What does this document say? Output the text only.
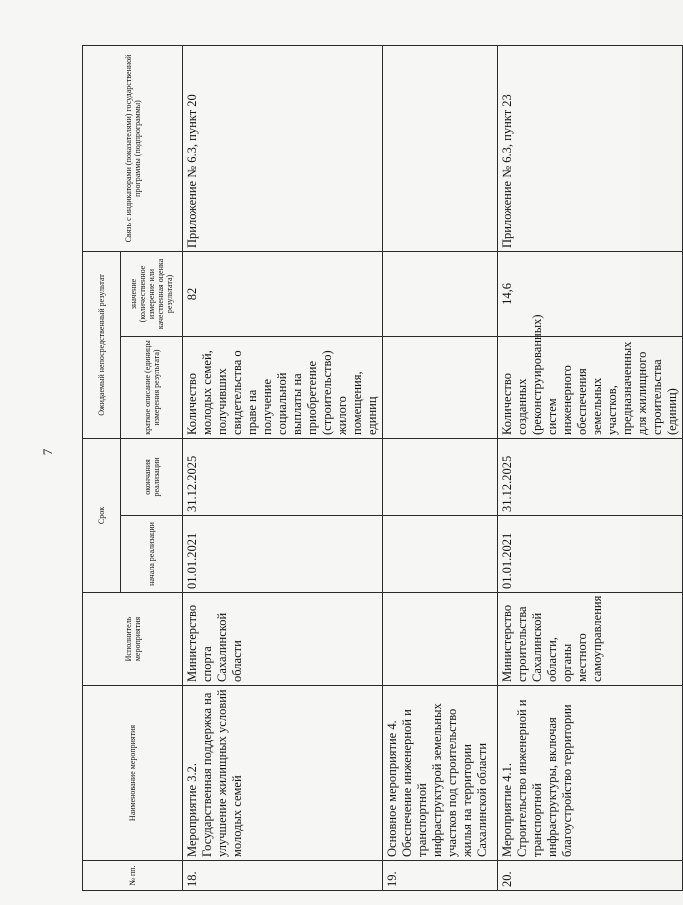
7
№ пп.	Наименование мероприятия	Исполнитель мероприятия	Срок		Ожидаемый непосредственный результат		Связь с индикаторами (показателями) государственной программы (подпрограммы)
			начала реализации	окончания реализации	краткое описание (единицы измерения результата)	значение (количественное измерение или качественная оценка результата)	
18.	Мероприятие 3.2. Государственная поддержка на улучшение жилищных условий молодых семей	Министерство спорта Сахалинской области	01.01.2021	31.12.2025	Количество молодых семей, получивших свидетельства о праве на получение социальной выплаты на приобретение (строительство) жилого помещения, единиц	82	Приложение № 6.3, пункт 20
19.	Основное мероприятие 4. Обеспечение инженерной и транспортной инфраструктурой земельных участков под строительство жилья на территории Сахалинской области						
20.	Мероприятие 4.1. Строительство инженерной и транспортной инфраструктуры, включая благоустройство территории	Министерство строительства Сахалинской области, органы местного самоуправления	01.01.2021	31.12.2025	Количество созданных (реконструированных) систем инженерного обеспечения земельных участков, предназначенных для жилищного строительства (единиц)	14,6	Приложение № 6.3, пункт 23
